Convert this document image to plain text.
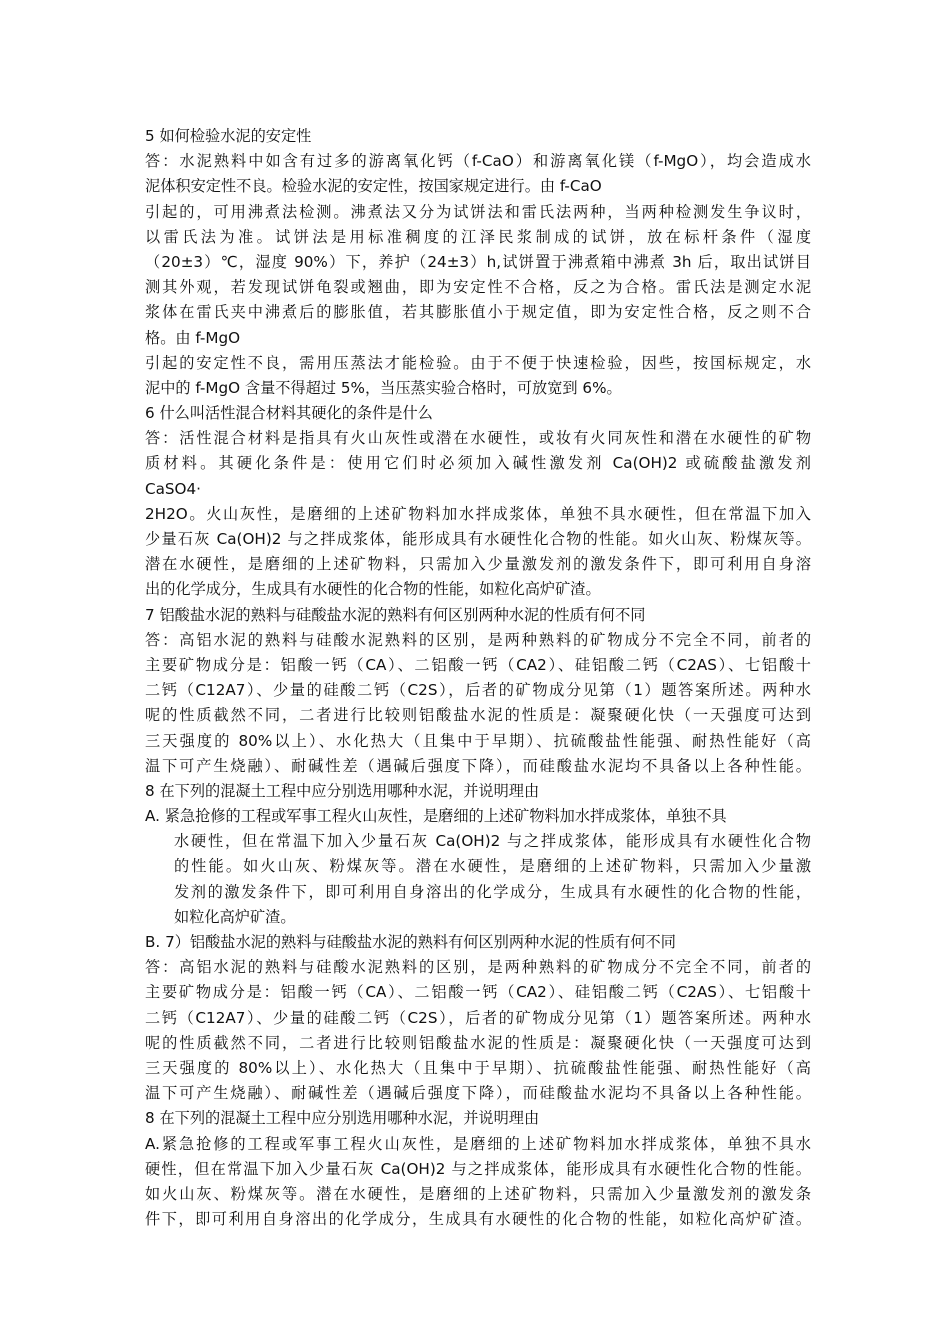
5 如何检验水泥的安定性
答：水泥熟料中如含有过多的游离氧化钙（f-CaO）和游离氧化镁（f-MgO），均会造成水
泥体积安定性不良。检验水泥的安定性，按国家规定进行。由 f-CaO
引起的，可用沸煮法检测。沸煮法又分为试饼法和雷氏法两种，当两种检测发生争议时，
以雷氏法为准。试饼法是用标准稠度的江泽民浆制成的试饼，放在标杆条件（湿度
（20±3）℃，湿度 90%）下，养护（24±3）h,试饼置于沸煮箱中沸煮 3h 后，取出试饼目
测其外观，若发现试饼龟裂或翘曲，即为安定性不合格，反之为合格。雷氏法是测定水泥
浆体在雷氏夹中沸煮后的膨胀值，若其膨胀值小于规定值，即为安定性合格，反之则不合
格。由 f-MgO
引起的安定性不良，需用压蒸法才能检验。由于不便于快速检验，因些，按国标规定，水
泥中的 f-MgO 含量不得超过 5%，当压蒸实验合格时，可放宽到 6%。
6 什么叫活性混合材料其硬化的条件是什么
答：活性混合材料是指具有火山灰性或潜在水硬性，或妆有火同灰性和潜在水硬性的矿物
质材料。其硬化条件是：使用它们时必须加入碱性激发剂 Ca(OH)2 或硫酸盐激发剂
CaSO4·
2H2O。火山灰性，是磨细的上述矿物料加水拌成浆体，单独不具水硬性，但在常温下加入
少量石灰 Ca(OH)2 与之拌成浆体，能形成具有水硬性化合物的性能。如火山灰、粉煤灰等。
潜在水硬性，是磨细的上述矿物料，只需加入少量激发剂的激发条件下，即可利用自身溶
出的化学成分，生成具有水硬性的化合物的性能，如粒化高炉矿渣。
7 铝酸盐水泥的熟料与硅酸盐水泥的熟料有何区别两种水泥的性质有何不同
答：高铝水泥的熟料与硅酸水泥熟料的区别，是两种熟料的矿物成分不完全不同，前者的
主要矿物成分是：铝酸一钙（CA）、二铝酸一钙（CA2）、硅铝酸二钙（C2AS）、七铝酸十
二钙（C12A7）、少量的硅酸二钙（C2S），后者的矿物成分见第（1）题答案所述。两种水
呢的性质截然不同，二者进行比较则铝酸盐水泥的性质是：凝聚硬化快（一天强度可达到
三天强度的 80%以上）、水化热大（且集中于早期）、抗硫酸盐性能强、耐热性能好（高
温下可产生烧融）、耐碱性差（遇碱后强度下降），而硅酸盐水泥均不具备以上各种性能。
8 在下列的混凝土工程中应分别选用哪种水泥，并说明理由
A. 紧急抢修的工程或军事工程火山灰性，是磨细的上述矿物料加水拌成浆体，单独不具
水硬性，但在常温下加入少量石灰 Ca(OH)2 与之拌成浆体，能形成具有水硬性化合物
的性能。如火山灰、粉煤灰等。潜在水硬性，是磨细的上述矿物料，只需加入少量激
发剂的激发条件下，即可利用自身溶出的化学成分，生成具有水硬性的化合物的性能，
如粒化高炉矿渣。
B. 7）铝酸盐水泥的熟料与硅酸盐水泥的熟料有何区别两种水泥的性质有何不同
答：高铝水泥的熟料与硅酸水泥熟料的区别，是两种熟料的矿物成分不完全不同，前者的
主要矿物成分是：铝酸一钙（CA）、二铝酸一钙（CA2）、硅铝酸二钙（C2AS）、七铝酸十
二钙（C12A7）、少量的硅酸二钙（C2S），后者的矿物成分见第（1）题答案所述。两种水
呢的性质截然不同，二者进行比较则铝酸盐水泥的性质是：凝聚硬化快（一天强度可达到
三天强度的 80%以上）、水化热大（且集中于早期）、抗硫酸盐性能强、耐热性能好（高
温下可产生烧融）、耐碱性差（遇碱后强度下降），而硅酸盐水泥均不具备以上各种性能。
8 在下列的混凝土工程中应分别选用哪种水泥，并说明理由
A.紧急抢修的工程或军事工程火山灰性，是磨细的上述矿物料加水拌成浆体，单独不具水
硬性，但在常温下加入少量石灰 Ca(OH)2 与之拌成浆体，能形成具有水硬性化合物的性能。
如火山灰、粉煤灰等。潜在水硬性，是磨细的上述矿物料，只需加入少量激发剂的激发条
件下，即可利用自身溶出的化学成分，生成具有水硬性的化合物的性能，如粒化高炉矿渣。
